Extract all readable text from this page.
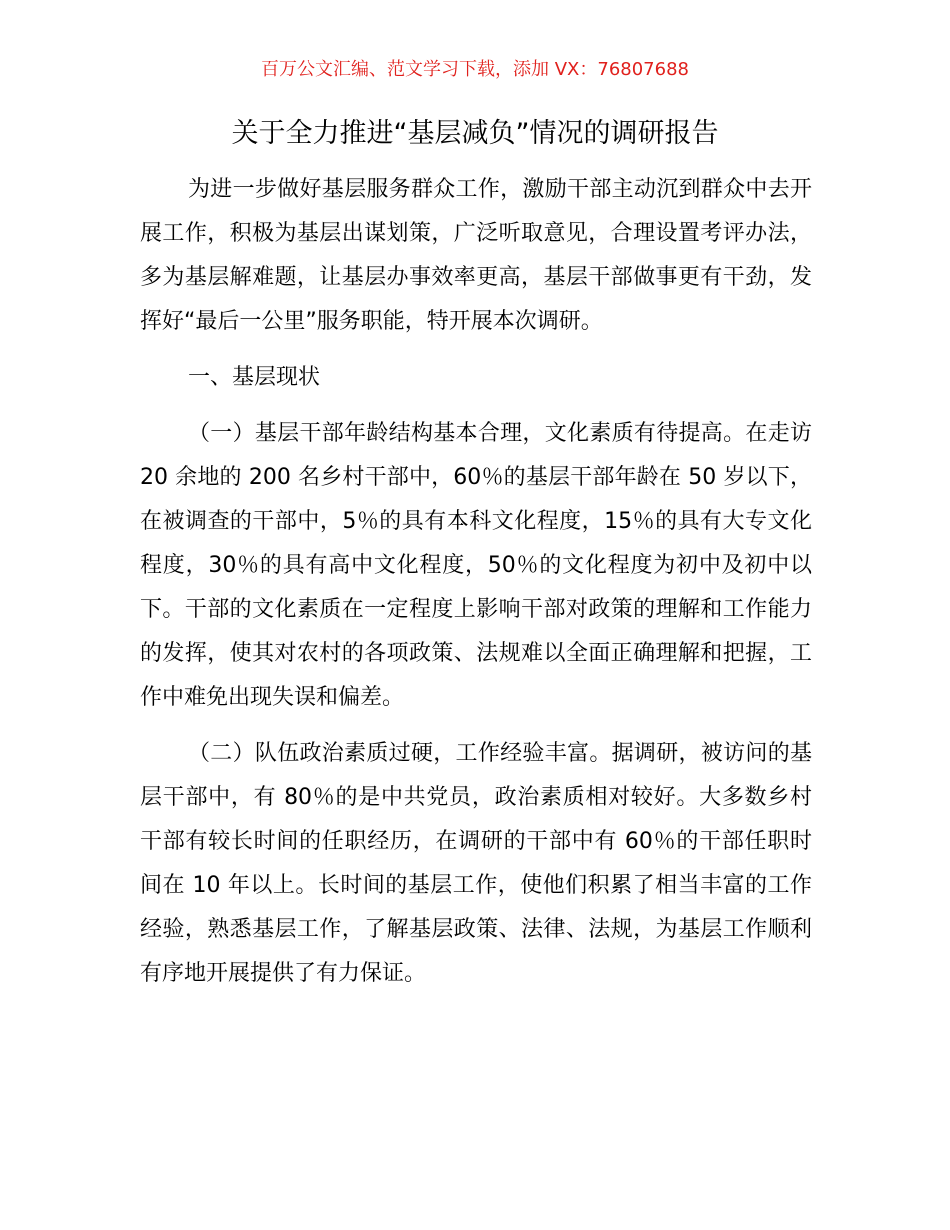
百万公文汇编、范文学习下载，添加 VX：76807688
关于全力推进“基层减负”情况的调研报告

为进一步做好基层服务群众工作，激励干部主动沉到群众中去开展工作，积极为基层出谋划策，广泛听取意见，合理设置考评办法，多为基层解难题，让基层办事效率更高，基层干部做事更有干劲，发挥好“最后一公里”服务职能，特开展本次调研。

一、基层现状

（一）基层干部年龄结构基本合理，文化素质有待提高。在走访 20 余地的 200 名乡村干部中，60％的基层干部年龄在 50 岁以下，在被调查的干部中，5％的具有本科文化程度，15％的具有大专文化程度，30％的具有高中文化程度，50％的文化程度为初中及初中以下。干部的文化素质在一定程度上影响干部对政策的理解和工作能力的发挥，使其对农村的各项政策、法规难以全面正确理解和把握，工作中难免出现失误和偏差。

（二）队伍政治素质过硬，工作经验丰富。据调研，被访问的基层干部中，有 80％的是中共党员，政治素质相对较好。大多数乡村干部有较长时间的任职经历，在调研的干部中有 60％的干部任职时间在 10 年以上。长时间的基层工作，使他们积累了相当丰富的工作经验，熟悉基层工作，了解基层政策、法律、法规，为基层工作顺利有序地开展提供了有力保证。
